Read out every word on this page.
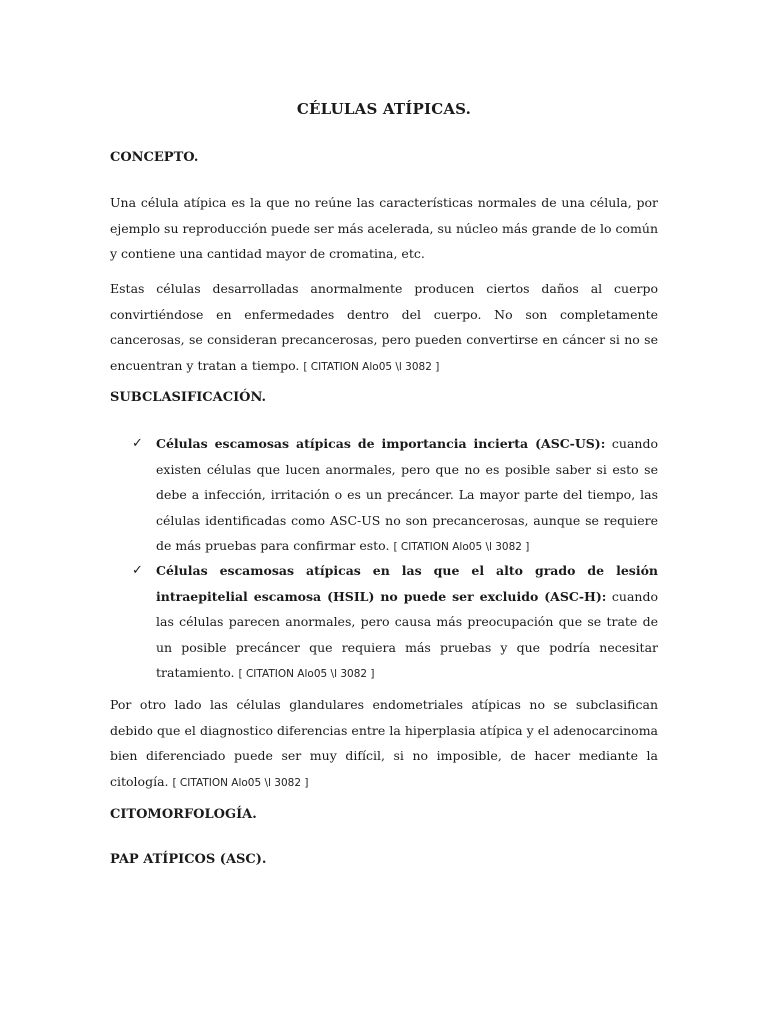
CÉLULAS ATÍPICAS.
CONCEPTO.
Una célula atípica es la que no reúne las características normales de una célula, por ejemplo su reproducción puede ser más acelerada, su núcleo más grande de lo común y contiene una cantidad mayor de cromatina, etc.
Estas células desarrolladas anormalmente producen ciertos daños al cuerpo convirtiéndose en enfermedades dentro del cuerpo. No son completamente cancerosas, se consideran precancerosas, pero pueden convertirse en cáncer si no se encuentran y tratan a tiempo. [ CITATION Alo05 \l 3082 ]
SUBCLASIFICACIÓN.
✓ Células escamosas atípicas de importancia incierta (ASC-US): cuando existen células que lucen anormales, pero que no es posible saber si esto se debe a infección, irritación o es un precáncer. La mayor parte del tiempo, las células identificadas como ASC-US no son precancerosas, aunque se requiere de más pruebas para confirmar esto. [ CITATION Alo05 \l 3082 ]
✓ Células escamosas atípicas en las que el alto grado de lesión intraepitelial escamosa (HSIL) no puede ser excluido (ASC-H): cuando las células parecen anormales, pero causa más preocupación que se trate de un posible precáncer que requiera más pruebas y que podría necesitar tratamiento. [ CITATION Alo05 \l 3082 ]
Por otro lado las células glandulares endometriales atípicas no se subclasifican debido que el diagnostico diferencias entre la hiperplasia atípica y el adenocarcinoma bien diferenciado puede ser muy difícil, si no imposible, de hacer mediante la citología. [ CITATION Alo05 \l 3082 ]
CITOMORFOLOGÍA.
PAP ATÍPICOS (ASC).
